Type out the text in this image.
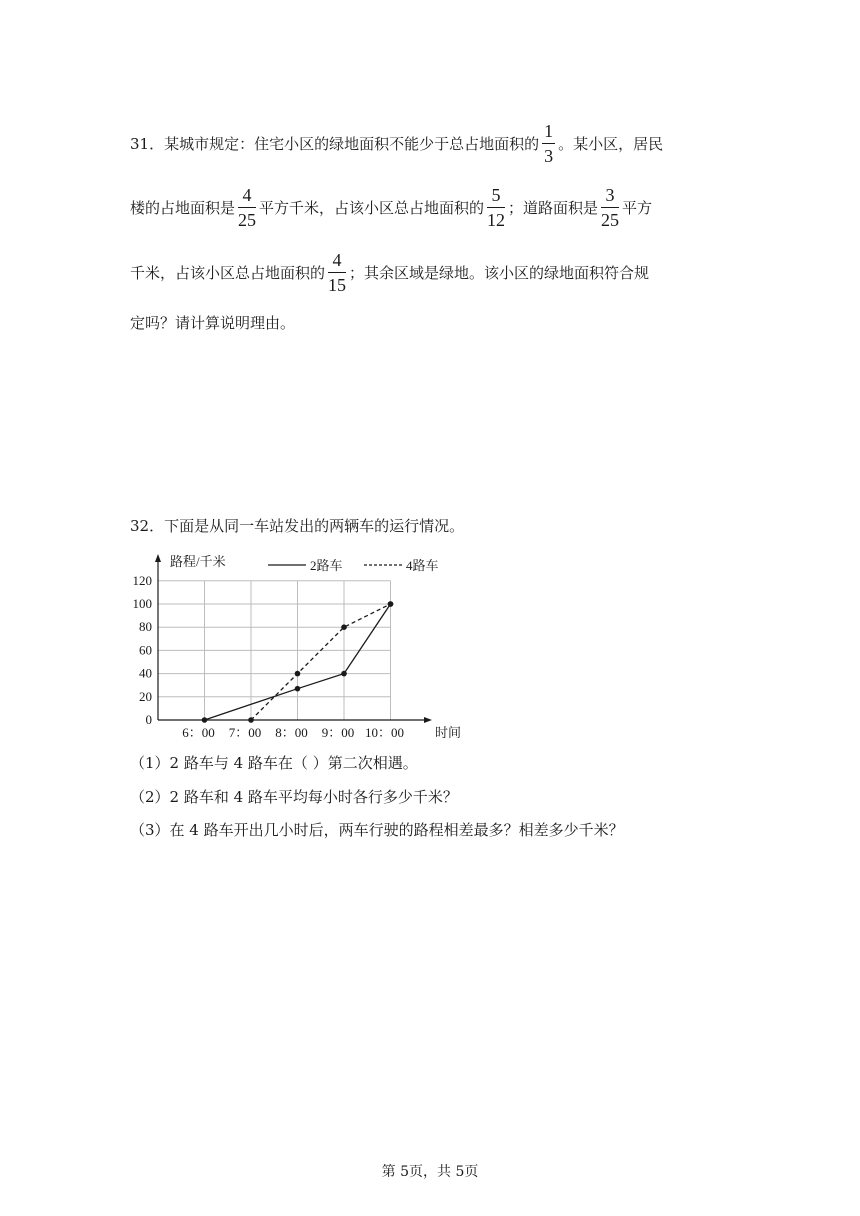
31．某城市规定：住宅小区的绿地面积不能少于总占地面积的 $\frac{1}{3}$ 。某小区，居民
楼的占地面积是 $\frac{4}{25}$ 平方千米，占该小区总占地面积的 $\frac{5}{12}$ ；道路面积是 $\frac{3}{25}$ 平方
千米，占该小区总占地面积的 $\frac{4}{15}$ ；其余区域是绿地。该小区的绿地面积符合规
定吗？请计算说明理由。
32．下面是从同一车站发出的两辆车的运行情况。
0
20
40
60
80
100
120
6：00 7：00 8：00 9：00 10：00
路程/千米
时间
2路车	4路车
（1）2 路车与 4 路车在（ ）第二次相遇。
（2）2 路车和 4 路车平均每小时各行多少千米？
（3）在 4 路车开出几小时后，两车行驶的路程相差最多？相差多少千米？
第 5页，共 5页
